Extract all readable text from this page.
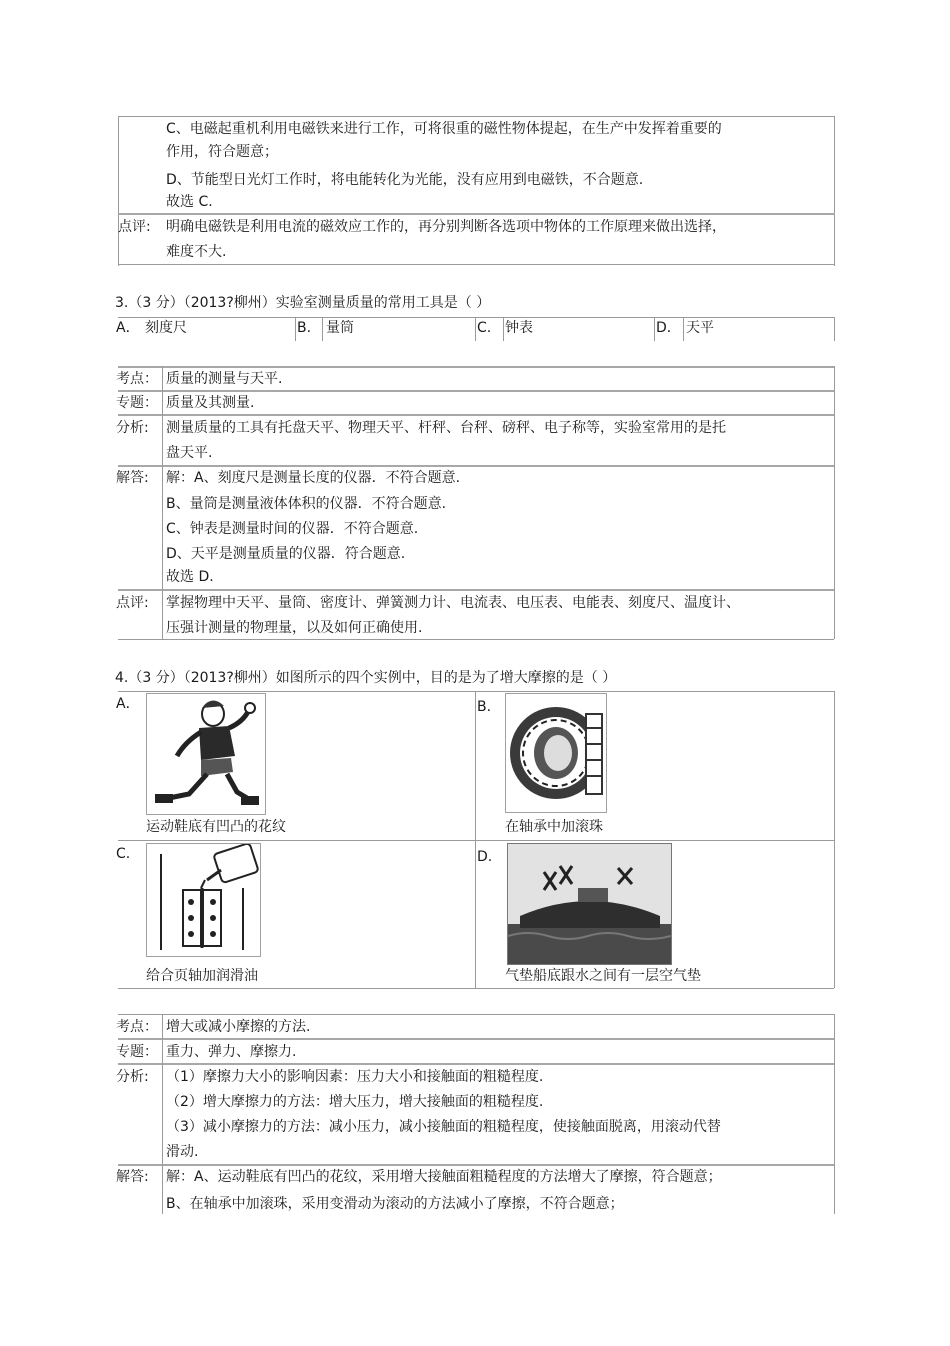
C、电磁起重机利用电磁铁来进行工作，可将很重的磁性物体提起，在生产中发挥着重要的
作用，符合题意；
D、节能型日光灯工作时，将电能转化为光能，没有应用到电磁铁，不合题意.
故选 C.
点评: 明确电磁铁是利用电流的磁效应工作的，再分别判断各选项中物体的工作原理来做出选择，
难度不大.
3.（3 分）（2013?柳州）实验室测量质量的常用工具是（ ）
A． 刻度尺	B. 量筒	C. 钟表	D． 天平
考点： 质量的测量与天平.
专题： 质量及其测量.
分析: 测量质量的工具有托盘天平、物理天平、杆秤、台秤、磅秤、电子称等，实验室常用的是托
盘天平.
解答: 解：A、刻度尺是测量长度的仪器．不符合题意.
B、量筒是测量液体体积的仪器．不符合题意.
C、钟表是测量时间的仪器．不符合题意.
D、天平是测量质量的仪器．符合题意.
故选 D.
点评: 掌握物理中天平、量筒、密度计、弹簧测力计、电流表、电压表、电能表、刻度尺、温度计、
压强计测量的物理量，以及如何正确使用.
4.（3 分）（2013?柳州）如图所示的四个实例中，目的是为了增大摩擦的是（ ）
A．
运动鞋底有凹凸的花纹
B.
在轴承中加滚珠
C.
给合页轴加润滑油
D.
气垫船底跟水之间有一层空气垫
考点： 增大或减小摩擦的方法.
专题： 重力、弹力、摩擦力.
分析: （1）摩擦力大小的影响因素：压力大小和接触面的粗糙程度.
（2）增大摩擦力的方法：增大压力，增大接触面的粗糙程度.
（3）减小摩擦力的方法：减小压力，减小接触面的粗糙程度，使接触面脱离，用滚动代替
滑动.
解答: 解：A、运动鞋底有凹凸的花纹，采用增大接触面粗糙程度的方法增大了摩擦，符合题意；
B、在轴承中加滚珠，采用变滑动为滚动的方法减小了摩擦，不符合题意；
